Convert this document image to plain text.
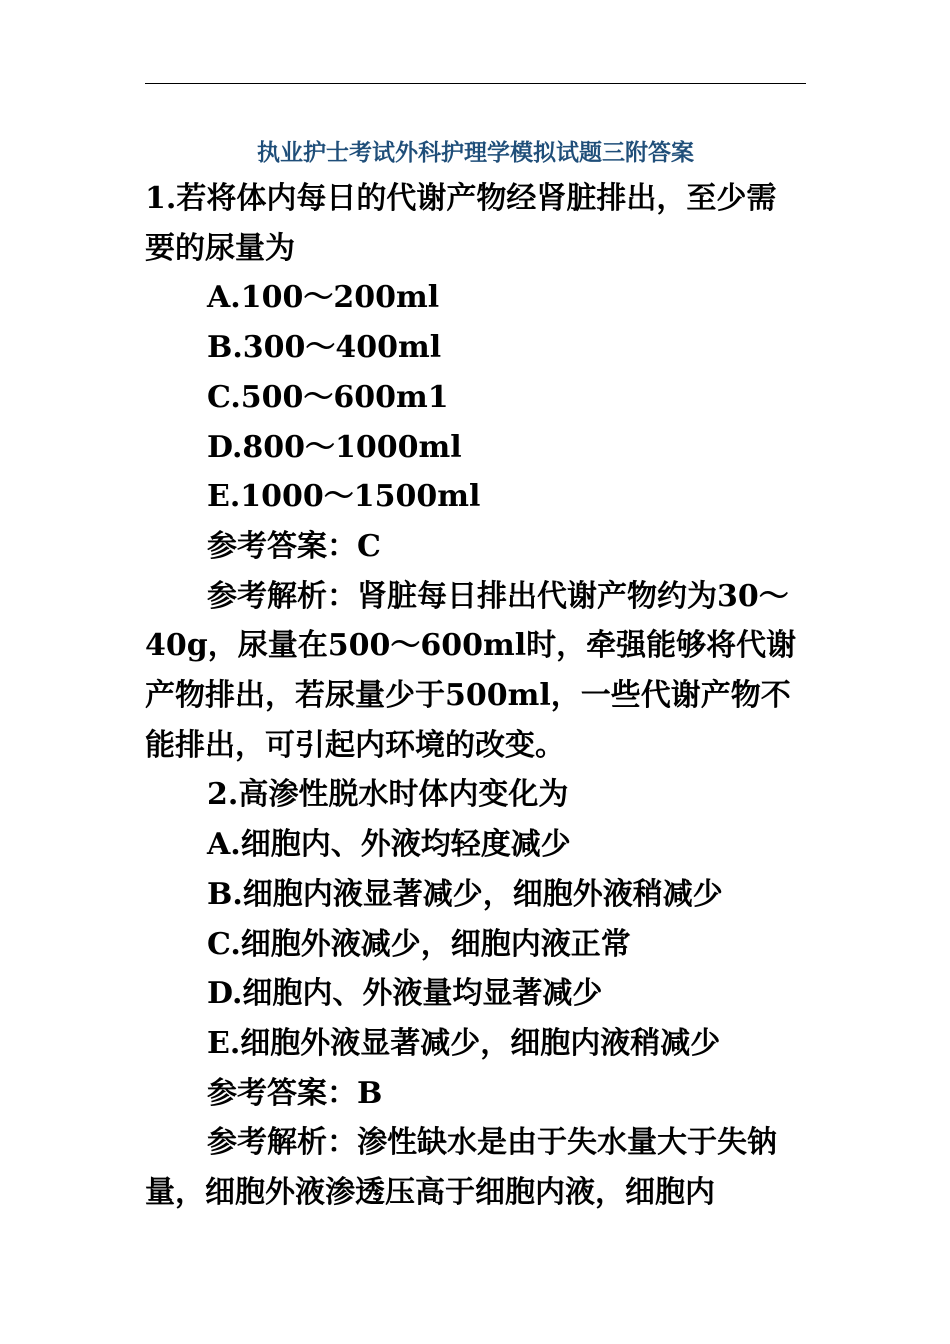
执业护士考试外科护理学模拟试题三附答案

1.若将体内每日的代谢产物经肾脏排出，至少需要的尿量为

A.100～200ml

B.300～400ml

C.500～600m1

D.800～1000ml

E.1000～1500ml

参考答案：C

参考解析：肾脏每日排出代谢产物约为30～40g，尿量在500～600ml时，牵强能够将代谢产物排出，若尿量少于500ml，一些代谢产物不能排出，可引起内环境的改变。

2.高渗性脱水时体内变化为

A.细胞内、外液均轻度减少

B.细胞内液显著减少，细胞外液稍减少

C.细胞外液减少，细胞内液正常

D.细胞内、外液量均显著减少

E.细胞外液显著减少，细胞内液稍减少

参考答案：B

参考解析：渗性缺水是由于失水量大于失钠量，细胞外液渗透压高于细胞内液，细胞内
